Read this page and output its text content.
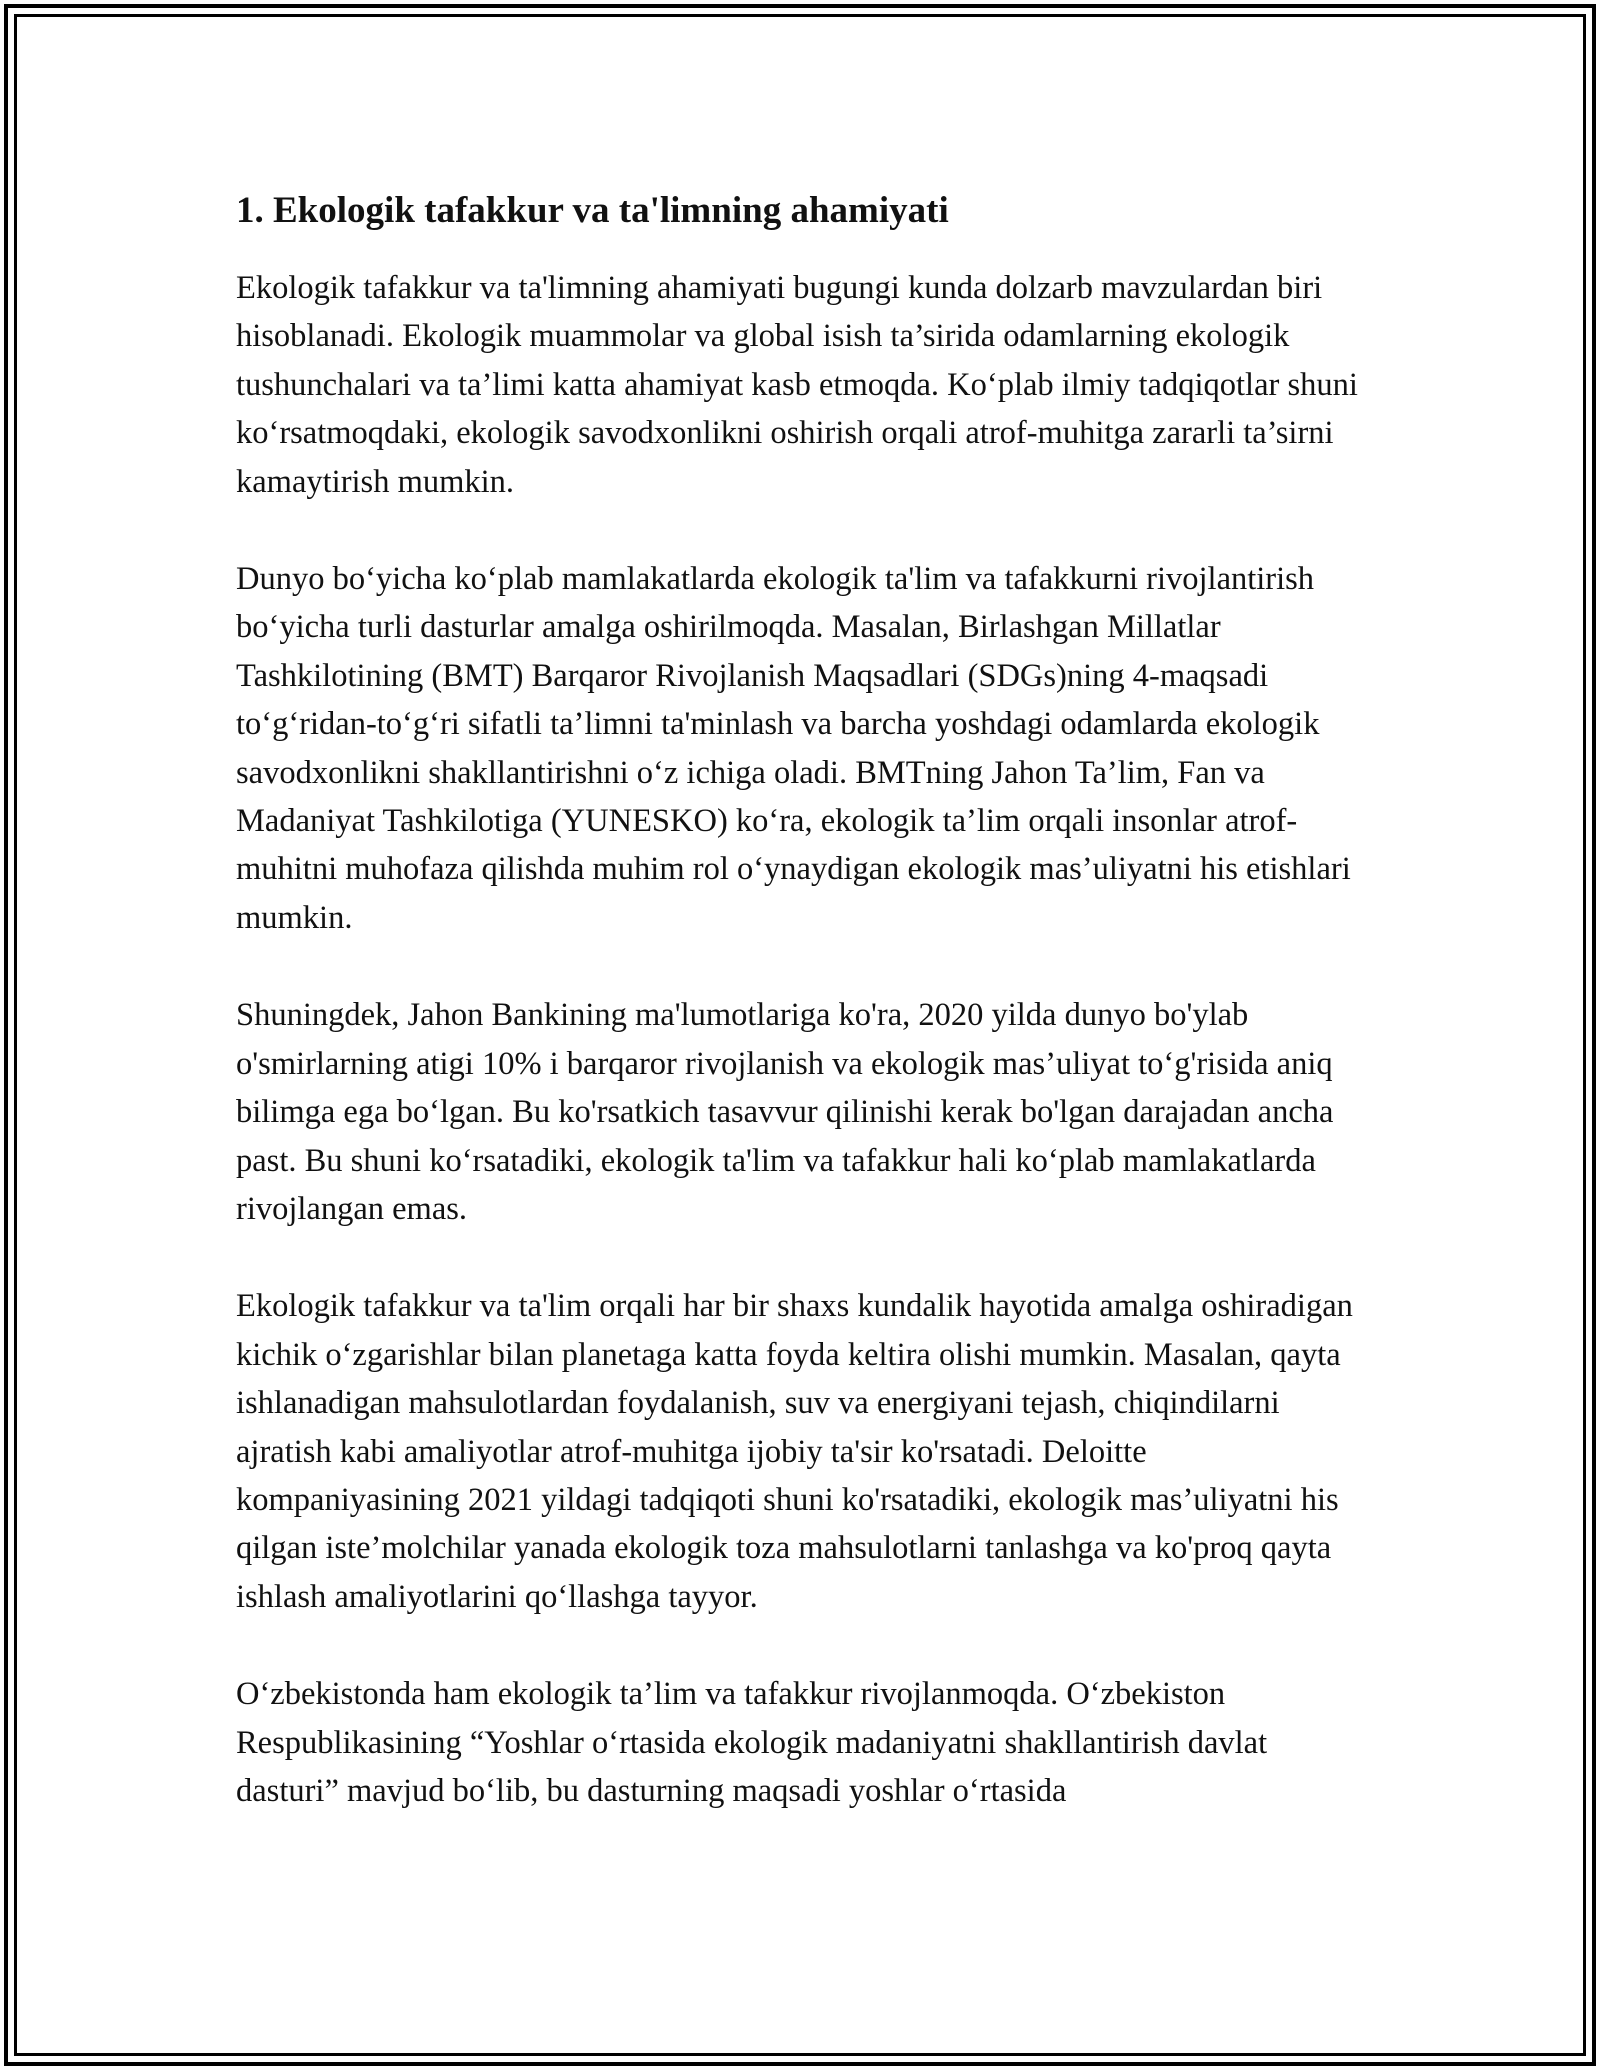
1. Ekologik tafakkur va ta'limning ahamiyati

Ekologik tafakkur va ta'limning ahamiyati bugungi kunda dolzarb mavzulardan biri hisoblanadi. Ekologik muammolar va global isish ta’sirida odamlarning ekologik tushunchalari va ta’limi katta ahamiyat kasb etmoqda. Ko‘plab ilmiy tadqiqotlar shuni ko‘rsatmoqdaki, ekologik savodxonlikni oshirish orqali atrof-muhitga zararli ta’sirni kamaytirish mumkin.

Dunyo bo‘yicha ko‘plab mamlakatlarda ekologik ta'lim va tafakkurni rivojlantirish bo‘yicha turli dasturlar amalga oshirilmoqda. Masalan, Birlashgan Millatlar Tashkilotining (BMT) Barqaror Rivojlanish Maqsadlari (SDGs)ning 4-maqsadi to‘g‘ridan-to‘g‘ri sifatli ta’limni ta'minlash va barcha yoshdagi odamlarda ekologik savodxonlikni shakllantirishni o‘z ichiga oladi. BMTning Jahon Ta’lim, Fan va Madaniyat Tashkilotiga (YUNESKO) ko‘ra, ekologik ta’lim orqali insonlar atrof-muhitni muhofaza qilishda muhim rol o‘ynaydigan ekologik mas’uliyatni his etishlari mumkin.

Shuningdek, Jahon Bankining ma'lumotlariga ko'ra, 2020 yilda dunyo bo'ylab o'smirlarning atigi 10% i barqaror rivojlanish va ekologik mas’uliyat to‘g'risida aniq bilimga ega bo‘lgan. Bu ko'rsatkich tasavvur qilinishi kerak bo'lgan darajadan ancha past. Bu shuni ko‘rsatadiki, ekologik ta'lim va tafakkur hali ko‘plab mamlakatlarda rivojlangan emas.

Ekologik tafakkur va ta'lim orqali har bir shaxs kundalik hayotida amalga oshiradigan kichik o‘zgarishlar bilan planetaga katta foyda keltira olishi mumkin. Masalan, qayta ishlanadigan mahsulotlardan foydalanish, suv va energiyani tejash, chiqindilarni ajratish kabi amaliyotlar atrof-muhitga ijobiy ta'sir ko'rsatadi. Deloitte kompaniyasining 2021 yildagi tadqiqoti shuni ko'rsatadiki, ekologik mas’uliyatni his qilgan iste’molchilar yanada ekologik toza mahsulotlarni tanlashga va ko'proq qayta ishlash amaliyotlarini qo‘llashga tayyor.

O‘zbekistonda ham ekologik ta’lim va tafakkur rivojlanmoqda. O‘zbekiston Respublikasining “Yoshlar o‘rtasida ekologik madaniyatni shakllantirish davlat dasturi” mavjud bo‘lib, bu dasturning maqsadi yoshlar o‘rtasida
